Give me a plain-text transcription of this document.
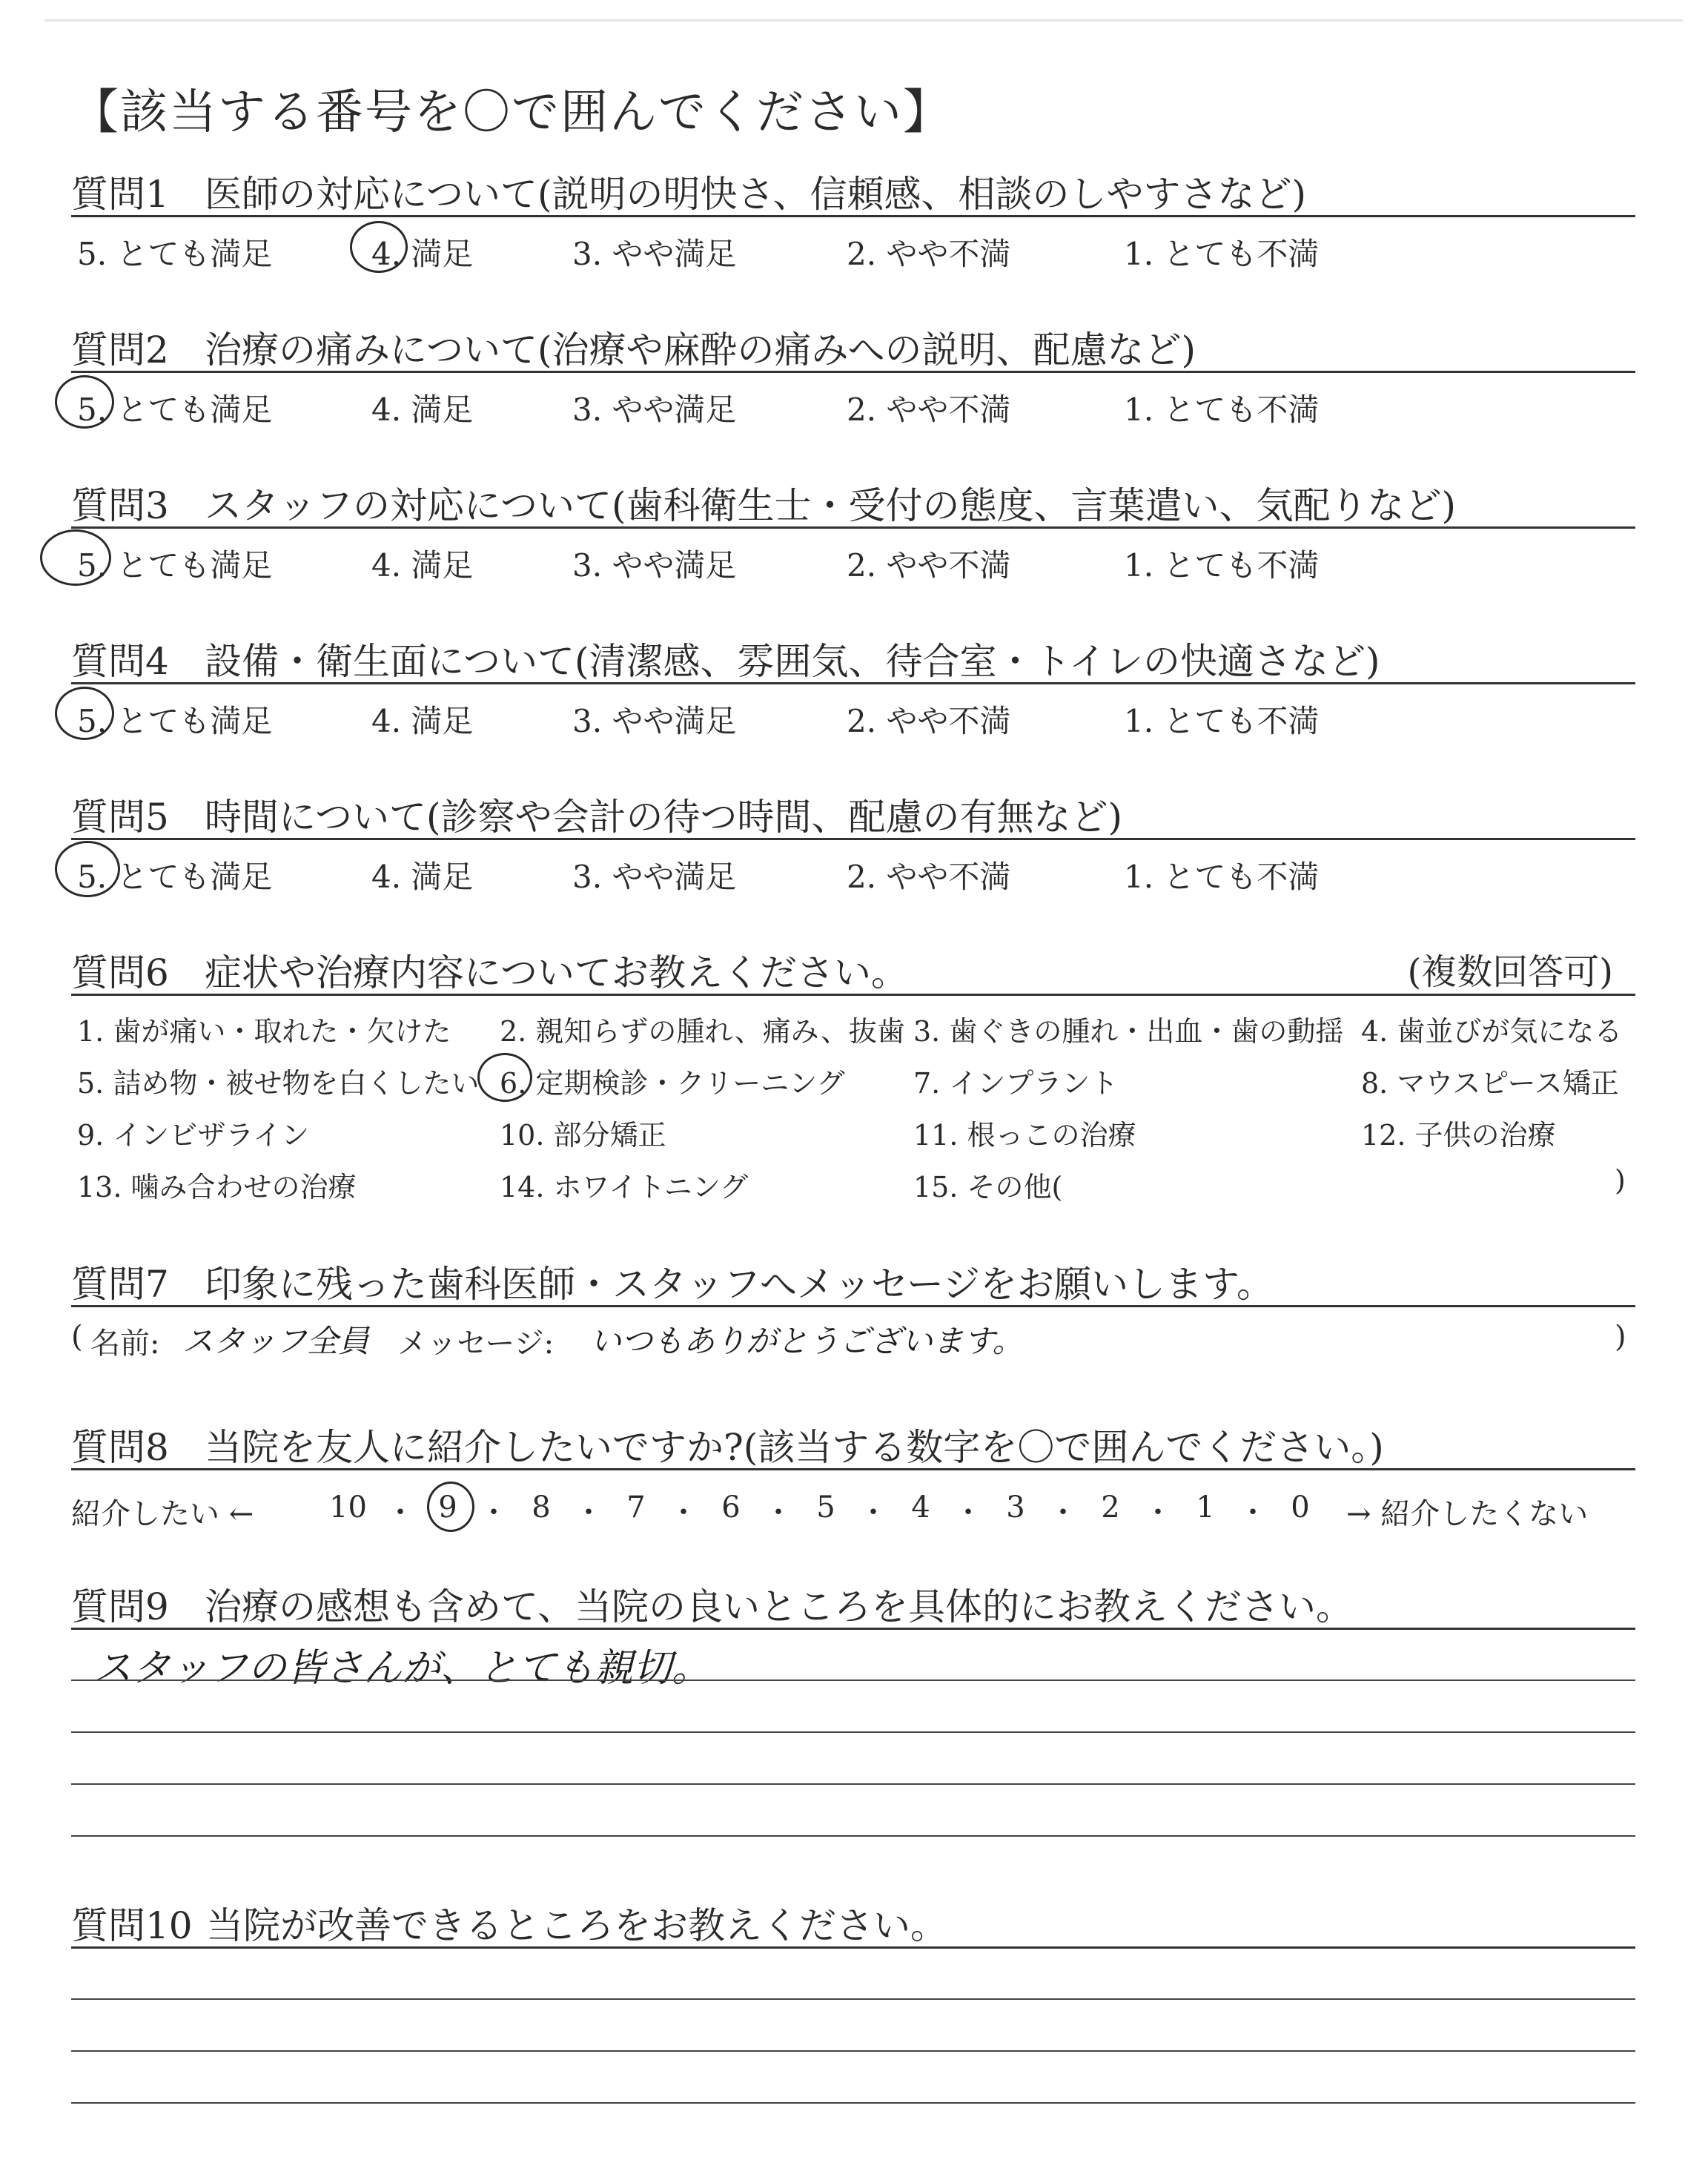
【該当する番号を〇で囲んでください】
質問1 医師の対応について(説明の明快さ、信頼感、相談のしやすさなど)
5. とても満足	4. 満足	3. やや満足	2. やや不満	1. とても不満
質問2 治療の痛みについて(治療や麻酔の痛みへの説明、配慮など)
5. とても満足	4. 満足	3. やや満足	2. やや不満	1. とても不満
質問3 スタッフの対応について(歯科衛生士・受付の態度、言葉遣い、気配りなど)
5. とても満足	4. 満足	3. やや満足	2. やや不満	1. とても不満
質問4 設備・衛生面について(清潔感、雰囲気、待合室・トイレの快適さなど)
5. とても満足	4. 満足	3. やや満足	2. やや不満	1. とても不満
質問5 時間について(診察や会計の待つ時間、配慮の有無など)
5. とても満足	4. 満足	3. やや満足	2. やや不満	1. とても不満
質問6 症状や治療内容についてお教えください。	(複数回答可)
1. 歯が痛い・取れた・欠けた 2. 親知らずの腫れ、痛み、抜歯 3. 歯ぐきの腫れ・出血・歯の動揺 4. 歯並びが気になる
5. 詰め物・被せ物を白くしたい 6. 定期検診・クリーニング 7. インプラント	8. マウスピース矯正
9. インビザライン	10. 部分矯正	11. 根っこの治療	12. 子供の治療
13. 噛み合わせの治療	14. ホワイトニング	15. その他(	)
質問7 印象に残った歯科医師・スタッフへメッセージをお願いします。
( 名前: スタッフ全員 メッセージ: いつもありがとうございます。	)
質問8 当院を友人に紹介したいですか?(該当する数字を〇で囲んでください。)
紹介したい ←	→ 紹介したくない
10 ・ 9 ・ 8 ・ 7 ・ 6 ・ 5 ・ 4 ・ 3 ・ 2 ・ 1 ・ 0
質問9 治療の感想も含めて、当院の良いところを具体的にお教えください。
スタッフの皆さんが、とても親切。
質問10 当院が改善できるところをお教えください。
